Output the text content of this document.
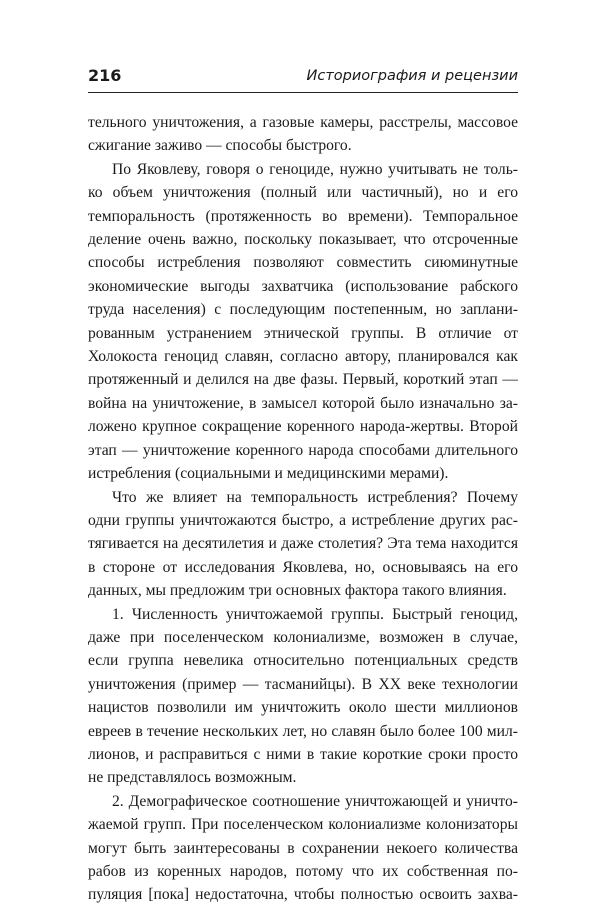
216	Историография и рецензии
тельного уничтожения, а газовые камеры, расстрелы, массовое
сжигание заживо — способы быстрого.
По Яковлеву, говоря о геноциде, нужно учитывать не толь-
ко объем уничтожения (полный или частичный), но и его
темпоральность (протяженность во времени). Темпоральное
деление очень важно, поскольку показывает, что отсроченные
способы истребления позволяют совместить сиюминутные
экономические выгоды захватчика (использование рабского
труда населения) с последующим постепенным, но заплани-
рованным устранением этнической группы. В отличие от
Холокоста геноцид славян, согласно автору, планировался как
протяженный и делился на две фазы. Первый, короткий этап —
война на уничтожение, в замысел которой было изначально за-
ложено крупное сокращение коренного народа-жертвы. Второй
этап — уничтожение коренного народа способами длительного
истребления (социальными и медицинскими мерами).
Что же влияет на темпоральность истребления? Почему
одни группы уничтожаются быстро, а истребление других рас-
тягивается на десятилетия и даже столетия? Эта тема находится
в стороне от исследования Яковлева, но, основываясь на его
данных, мы предложим три основных фактора такого влияния.
1. Численность уничтожаемой группы. Быстрый геноцид,
даже при поселенческом колониализме, возможен в случае,
если группа невелика относительно потенциальных средств
уничтожения (пример — тасманийцы). В XX веке технологии
нацистов позволили им уничтожить около шести миллионов
евреев в течение нескольких лет, но славян было более 100 мил-
лионов, и расправиться с ними в такие короткие сроки просто
не представлялось возможным.
2. Демографическое соотношение уничтожающей и уничто-
жаемой групп. При поселенческом колониализме колонизаторы
могут быть заинтересованы в сохранении некоего количества
рабов из коренных народов, потому что их собственная по-
пуляция [пока] недостаточна, чтобы полностью освоить захва-
